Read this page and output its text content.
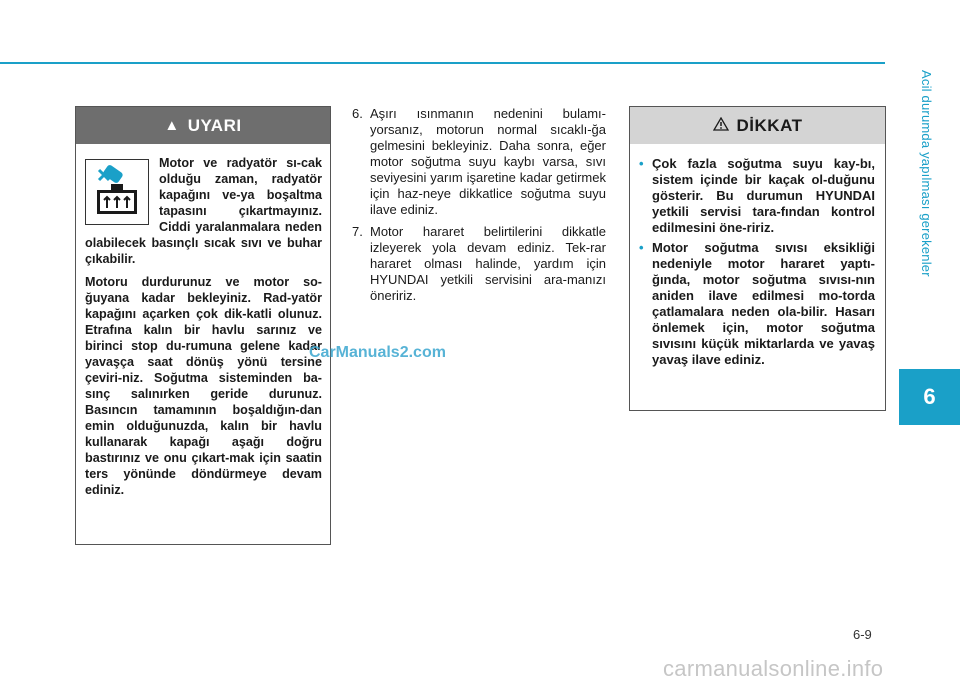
Acil durumda yapılması gerekenler
6
▲ UYARI

Motor ve radyatör sı-cak olduğu zaman, radyatör kapağını ve-ya boşaltma tapasını çıkartmayınız. Ciddi yaralanmalara neden olabilecek basınçlı sıcak sıvı ve buhar çıkabilir.

Motoru durdurunuz ve motor so-ğuyana kadar bekleyiniz. Rad-yatör kapağını açarken çok dik-katli olunuz. Etrafına kalın bir havlu sarınız ve birinci stop du-rumuna gelene kadar yavaşça saat dönüş yönü tersine çeviri-niz. Soğutma sisteminden ba-sınç salınırken geride durunuz. Basıncın tamamının boşaldığın-dan emin olduğunuzda, kalın bir havlu kullanarak kapağı aşağı doğru bastırınız ve onu çıkart-mak için saatin ters yönünde döndürmeye devam ediniz.

6. Aşırı ısınmanın nedenini bulamı-yorsanız, motorun normal sıcaklı-ğa gelmesini bekleyiniz. Daha sonra, eğer motor soğutma suyu kaybı varsa, sıvı seviyesini yarım işaretine kadar getirmek için haz-neye dikkatlice soğutma suyu ilave ediniz.
7. Motor hararet belirtilerini dikkatle izleyerek yola devam ediniz. Tek-rar hararet olması halinde, yardım için HYUNDAI yetkili servisini ara-manızı öneririz.
DİKKAT
• Çok fazla soğutma suyu kay-bı, sistem içinde bir kaçak ol-duğunu gösterir. Bu durumun HYUNDAI yetkili servisi tara-fından kontrol edilmesini öne-ririz.
• Motor soğutma sıvısı eksikliği nedeniyle motor hararet yaptı-ğında, motor soğutma sıvısı-nın aniden ilave edilmesi mo-torda çatlamalara neden ola-bilir. Hasarı önlemek için, motor soğutma sıvısını küçük miktarlarda ve yavaş yavaş ilave ediniz.
CarManuals2.com
6-9
carmanualsonline.info
